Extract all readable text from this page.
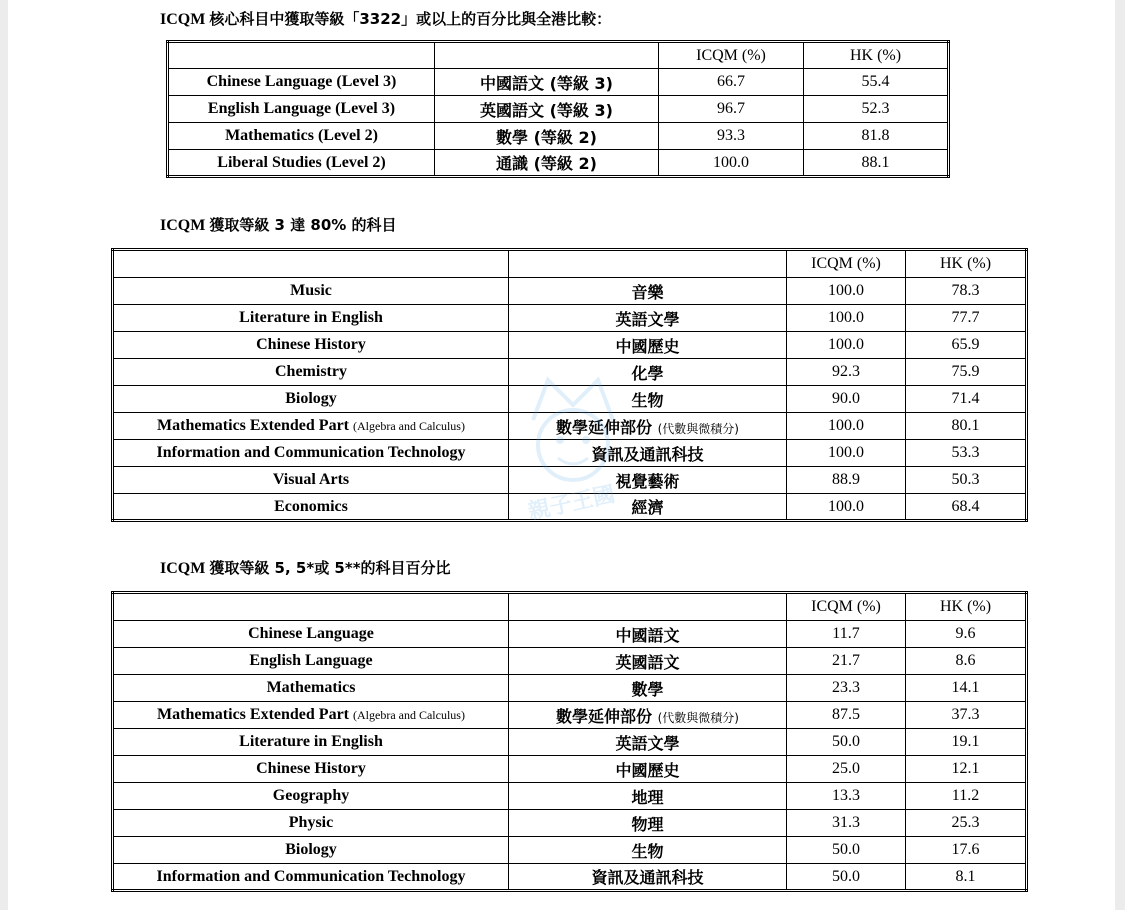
ICQM 核心科目中獲取等級「3322」或以上的百分比與全港比較：
		ICQM (%)	HK (%)
Chinese Language (Level 3)	中國語文 (等級 3)	66.7	55.4
English Language (Level 3)	英國語文 (等級 3)	96.7	52.3
Mathematics (Level 2)	數學 (等級 2)	93.3	81.8
Liberal Studies (Level 2)	通識 (等級 2)	100.0	88.1
ICQM 獲取等級 3 達 80% 的科目
		ICQM (%)	HK (%)
Music	音樂	100.0	78.3
Literature in English	英語文學	100.0	77.7
Chinese History	中國歷史	100.0	65.9
Chemistry	化學	92.3	75.9
Biology	生物	90.0	71.4
Mathematics Extended Part (Algebra and Calculus)	數學延伸部份 (代數與微積分)	100.0	80.1
Information and Communication Technology	資訊及通訊科技	100.0	53.3
Visual Arts	視覺藝術	88.9	50.3
Economics	經濟	100.0	68.4
親子王國
ICQM 獲取等級 5, 5*或 5**的科目百分比
		ICQM (%)	HK (%)
Chinese Language	中國語文	11.7	9.6
English Language	英國語文	21.7	8.6
Mathematics	數學	23.3	14.1
Mathematics Extended Part (Algebra and Calculus)	數學延伸部份 (代數與微積分)	87.5	37.3
Literature in English	英語文學	50.0	19.1
Chinese History	中國歷史	25.0	12.1
Geography	地理	13.3	11.2
Physic	物理	31.3	25.3
Biology	生物	50.0	17.6
Information and Communication Technology	資訊及通訊科技	50.0	8.1
